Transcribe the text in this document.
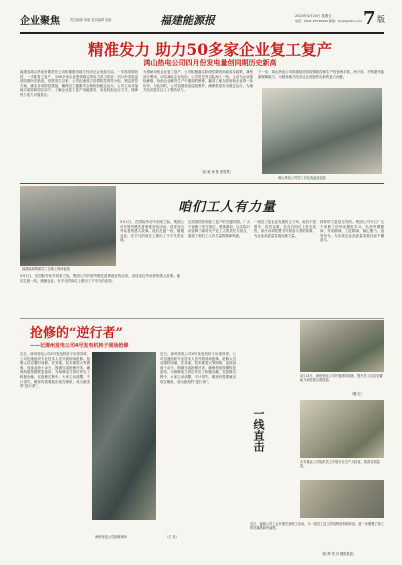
企业聚焦	责任编辑 刘丽 美术编辑 刘丽	福建能源报	2020年4月24日 星期五
电话：0591-87530990 邮箱：fjnyb@163.com 7 版
精准发力 助力50多家企业复工复产
鸿山热电公司四月份发电量创同期历史新高
福建省鸿山热电有限责任公司积极服务地方经济社会发展大局，一手抓疫情防控，一手抓复工复产，为50多家企业提供稳定的电力热力供应，四月份发电量创同期历史新高。疫情发生以来，公司迅速成立疫情防控领导小组，制定防控方案，落实各项防控措施，确保员工健康安全和机组稳定运行。公司主动对接地方政府和园区用户，了解企业复工复产用能需求，优化机组运行方式，保障热力电力可靠供应。
为帮助用热企业复工复产，公司积极落实阶段性降低用能成本政策，减免部分费用，切实减轻企业负担。公司党员突击队深入一线，主动为企业排忧解难，协助企业解决生产中遇到的困难，赢得了地方政府和企业的一致好评。与此同时，公司加强设备巡检维护，确保机组安全稳定运行，为地方经济复苏注入了强劲动力。
下一步，鸿山热电公司将继续坚持疫情防控和生产经营两手抓、两不误，不断提升能源保障能力，为服务地方经济社会发展作出新的更大贡献。
鸿山热电公司员工在仪表盘前巡检
（阮 敏 杨 栋 张思思）
福建能源集团员工在施工现场奋战
咱们工人有力量
5月1日，在国际劳动节到来之际，集团公司开展劳模先进事迹宣传活动，讲述身边劳动者的感人故事。他们扎根一线，兢兢业业，在平凡的岗位上做出了不平凡的业绩。
在疫情防控和复工复产的关键时期，广大干部职工坚守岗位、勇挑重担，以实际行动诠释了新时代产业工人的责任与担当，展现了咱们工人有力量的精神风貌。
一线员工是企业发展的主力军。他们不畏艰辛，攻坚克难，在各自岗位上发光发热，用汗水和智慧书写着奋斗者的故事，为企业高质量发展贡献力量。
榜样的力量是无穷的。集团公司号召广大干部职工向劳动模范学习，弘扬劳模精神、劳动精神、工匠精神，凝心聚力，奋发有为，为实现企业高质量发展目标不懈奋斗。
5月1日，在国际劳动节到来之际，集团公司开展劳模先进事迹宣传活动，讲述身边劳动者的感人故事。他们扎根一线，兢兢业业，在平凡的岗位上做出了不平凡的业绩。
抢修的“逆行者”
——记漳州发电公司4号发电机转子现场抢修
近日，漳州发电公司4号发电机转子出现异常，公司迅速组织专业技术人员开展现场抢修。抢修人员克服时间紧、任务重、技术难度大等困难，连续奋战十余天，圆满完成抢修任务，确保机组按期恢复备用，为保障电力供应作出了积极贡献。在抢修过程中，大家主动请缨，不计得失，哪里有需要就出现在哪里，成为最美的“逆行者”。
近日，漳州发电公司4号发电机转子出现异常，公司迅速组织专业技术人员开展现场抢修。抢修人员克服时间紧、任务重、技术难度大等困难，连续奋战十余天，圆满完成抢修任务，确保机组按期恢复备用，为保障电力供应作出了积极贡献。在抢修过程中，大家主动请缨，不计得失，哪里有需要就出现在哪里，成为最美的“逆行者”。
漳州发电公司抢修现场	（王 亮）
4月13日，漳州发电公司开展消防演练，提升员工应急处置能力和自救互救技能。
（魏 宏）
一线直击
永安煤业公司组织员工开展安全生产大检查，排查各类隐患。
近日，福能公司工会开展关爱职工活动，为一线员工送上防疫物资和慰问品，进一步增强了职工的归属感和幸福感。
（陈 辉 郑 舟 摄影报道）
